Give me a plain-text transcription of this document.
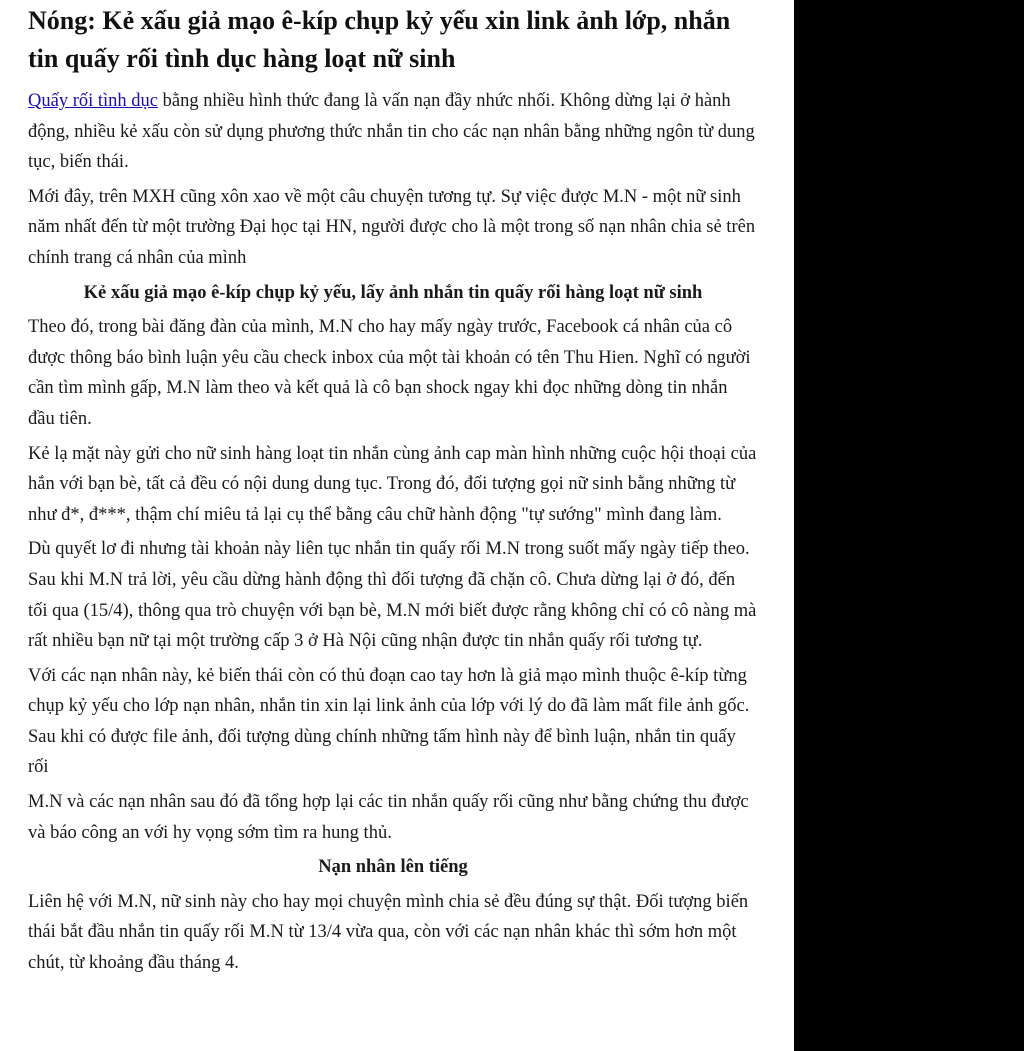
Nóng: Kẻ xấu giả mạo ê-kíp chụp kỷ yếu xin link ảnh lớp, nhắn tin quấy rối tình dục hàng loạt nữ sinh

Quấy rối tình dục bằng nhiều hình thức đang là vấn nạn đầy nhức nhối. Không dừng lại ở hành động, nhiều kẻ xấu còn sử dụng phương thức nhắn tin cho các nạn nhân bằng những ngôn từ dung tục, biến thái.

Mới đây, trên MXH cũng xôn xao về một câu chuyện tương tự. Sự việc được M.N - một nữ sinh năm nhất đến từ một trường Đại học tại HN, người được cho là một trong số nạn nhân chia sẻ trên chính trang cá nhân của mình

Kẻ xấu giả mạo ê-kíp chụp kỷ yếu, lấy ảnh nhắn tin quấy rối hàng loạt nữ sinh

Theo đó, trong bài đăng đàn của mình, M.N cho hay mấy ngày trước, Facebook cá nhân của cô được thông báo bình luận yêu cầu check inbox của một tài khoản có tên Thu Hien. Nghĩ có người cần tìm mình gấp, M.N làm theo và kết quả là cô bạn shock ngay khi đọc những dòng tin nhắn đầu tiên.

Kẻ lạ mặt này gửi cho nữ sinh hàng loạt tin nhắn cùng ảnh cap màn hình những cuộc hội thoại của hắn với bạn bè, tất cả đều có nội dung dung tục. Trong đó, đối tượng gọi nữ sinh bằng những từ như đ*, đ***, thậm chí miêu tả lại cụ thể bằng câu chữ hành động "tự sướng" mình đang làm.

Dù quyết lơ đi nhưng tài khoản này liên tục nhắn tin quấy rối M.N trong suốt mấy ngày tiếp theo. Sau khi M.N trả lời, yêu cầu dừng hành động thì đối tượng đã chặn cô. Chưa dừng lại ở đó, đến tối qua (15/4), thông qua trò chuyện với bạn bè, M.N mới biết được rằng không chỉ có cô nàng mà rất nhiều bạn nữ tại một trường cấp 3 ở Hà Nội cũng nhận được tin nhắn quấy rối tương tự.

Với các nạn nhân này, kẻ biến thái còn có thủ đoạn cao tay hơn là giả mạo mình thuộc ê-kíp từng chụp kỷ yếu cho lớp nạn nhân, nhắn tin xin lại link ảnh của lớp với lý do đã làm mất file ảnh gốc. Sau khi có được file ảnh, đối tượng dùng chính những tấm hình này để bình luận, nhắn tin quấy rối

M.N và các nạn nhân sau đó đã tổng hợp lại các tin nhắn quấy rối cũng như bằng chứng thu được và báo công an với hy vọng sớm tìm ra hung thủ.

Nạn nhân lên tiếng

Liên hệ với M.N, nữ sinh này cho hay mọi chuyện mình chia sẻ đều đúng sự thật. Đối tượng biến thái bắt đầu nhắn tin quấy rối M.N từ 13/4 vừa qua, còn với các nạn nhân khác thì sớm hơn một chút, từ khoảng đầu tháng 4.
